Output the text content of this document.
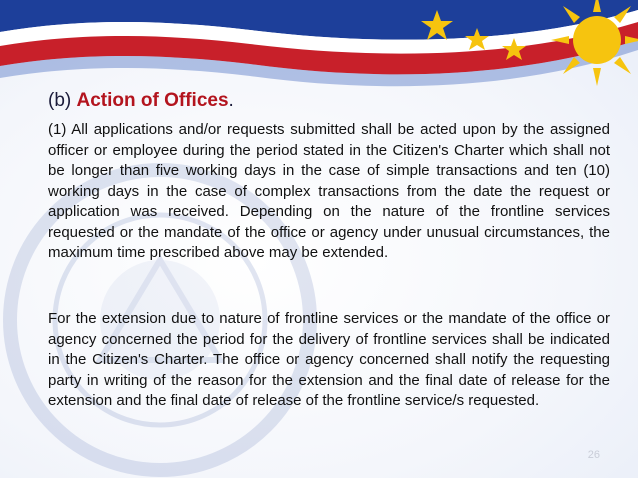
(b) Action of Offices.

(1) All applications and/or requests submitted shall be acted upon by the assigned officer or employee during the period stated in the Citizen's Charter which shall not be longer than five working days in the case of simple transactions and ten (10) working days in the case of complex transactions from the date the request or application was received. Depending on the nature of the frontline services requested or the mandate of the office or agency under unusual circumstances, the maximum time prescribed above may be extended.

For the extension due to nature of frontline services or the mandate of the office or agency concerned the period for the delivery of frontline services shall be indicated in the Citizen's Charter. The office or agency concerned shall notify the requesting party in writing of the reason for the extension and the final date of release for the extension and the final date of release of the frontline service/s requested.

26
